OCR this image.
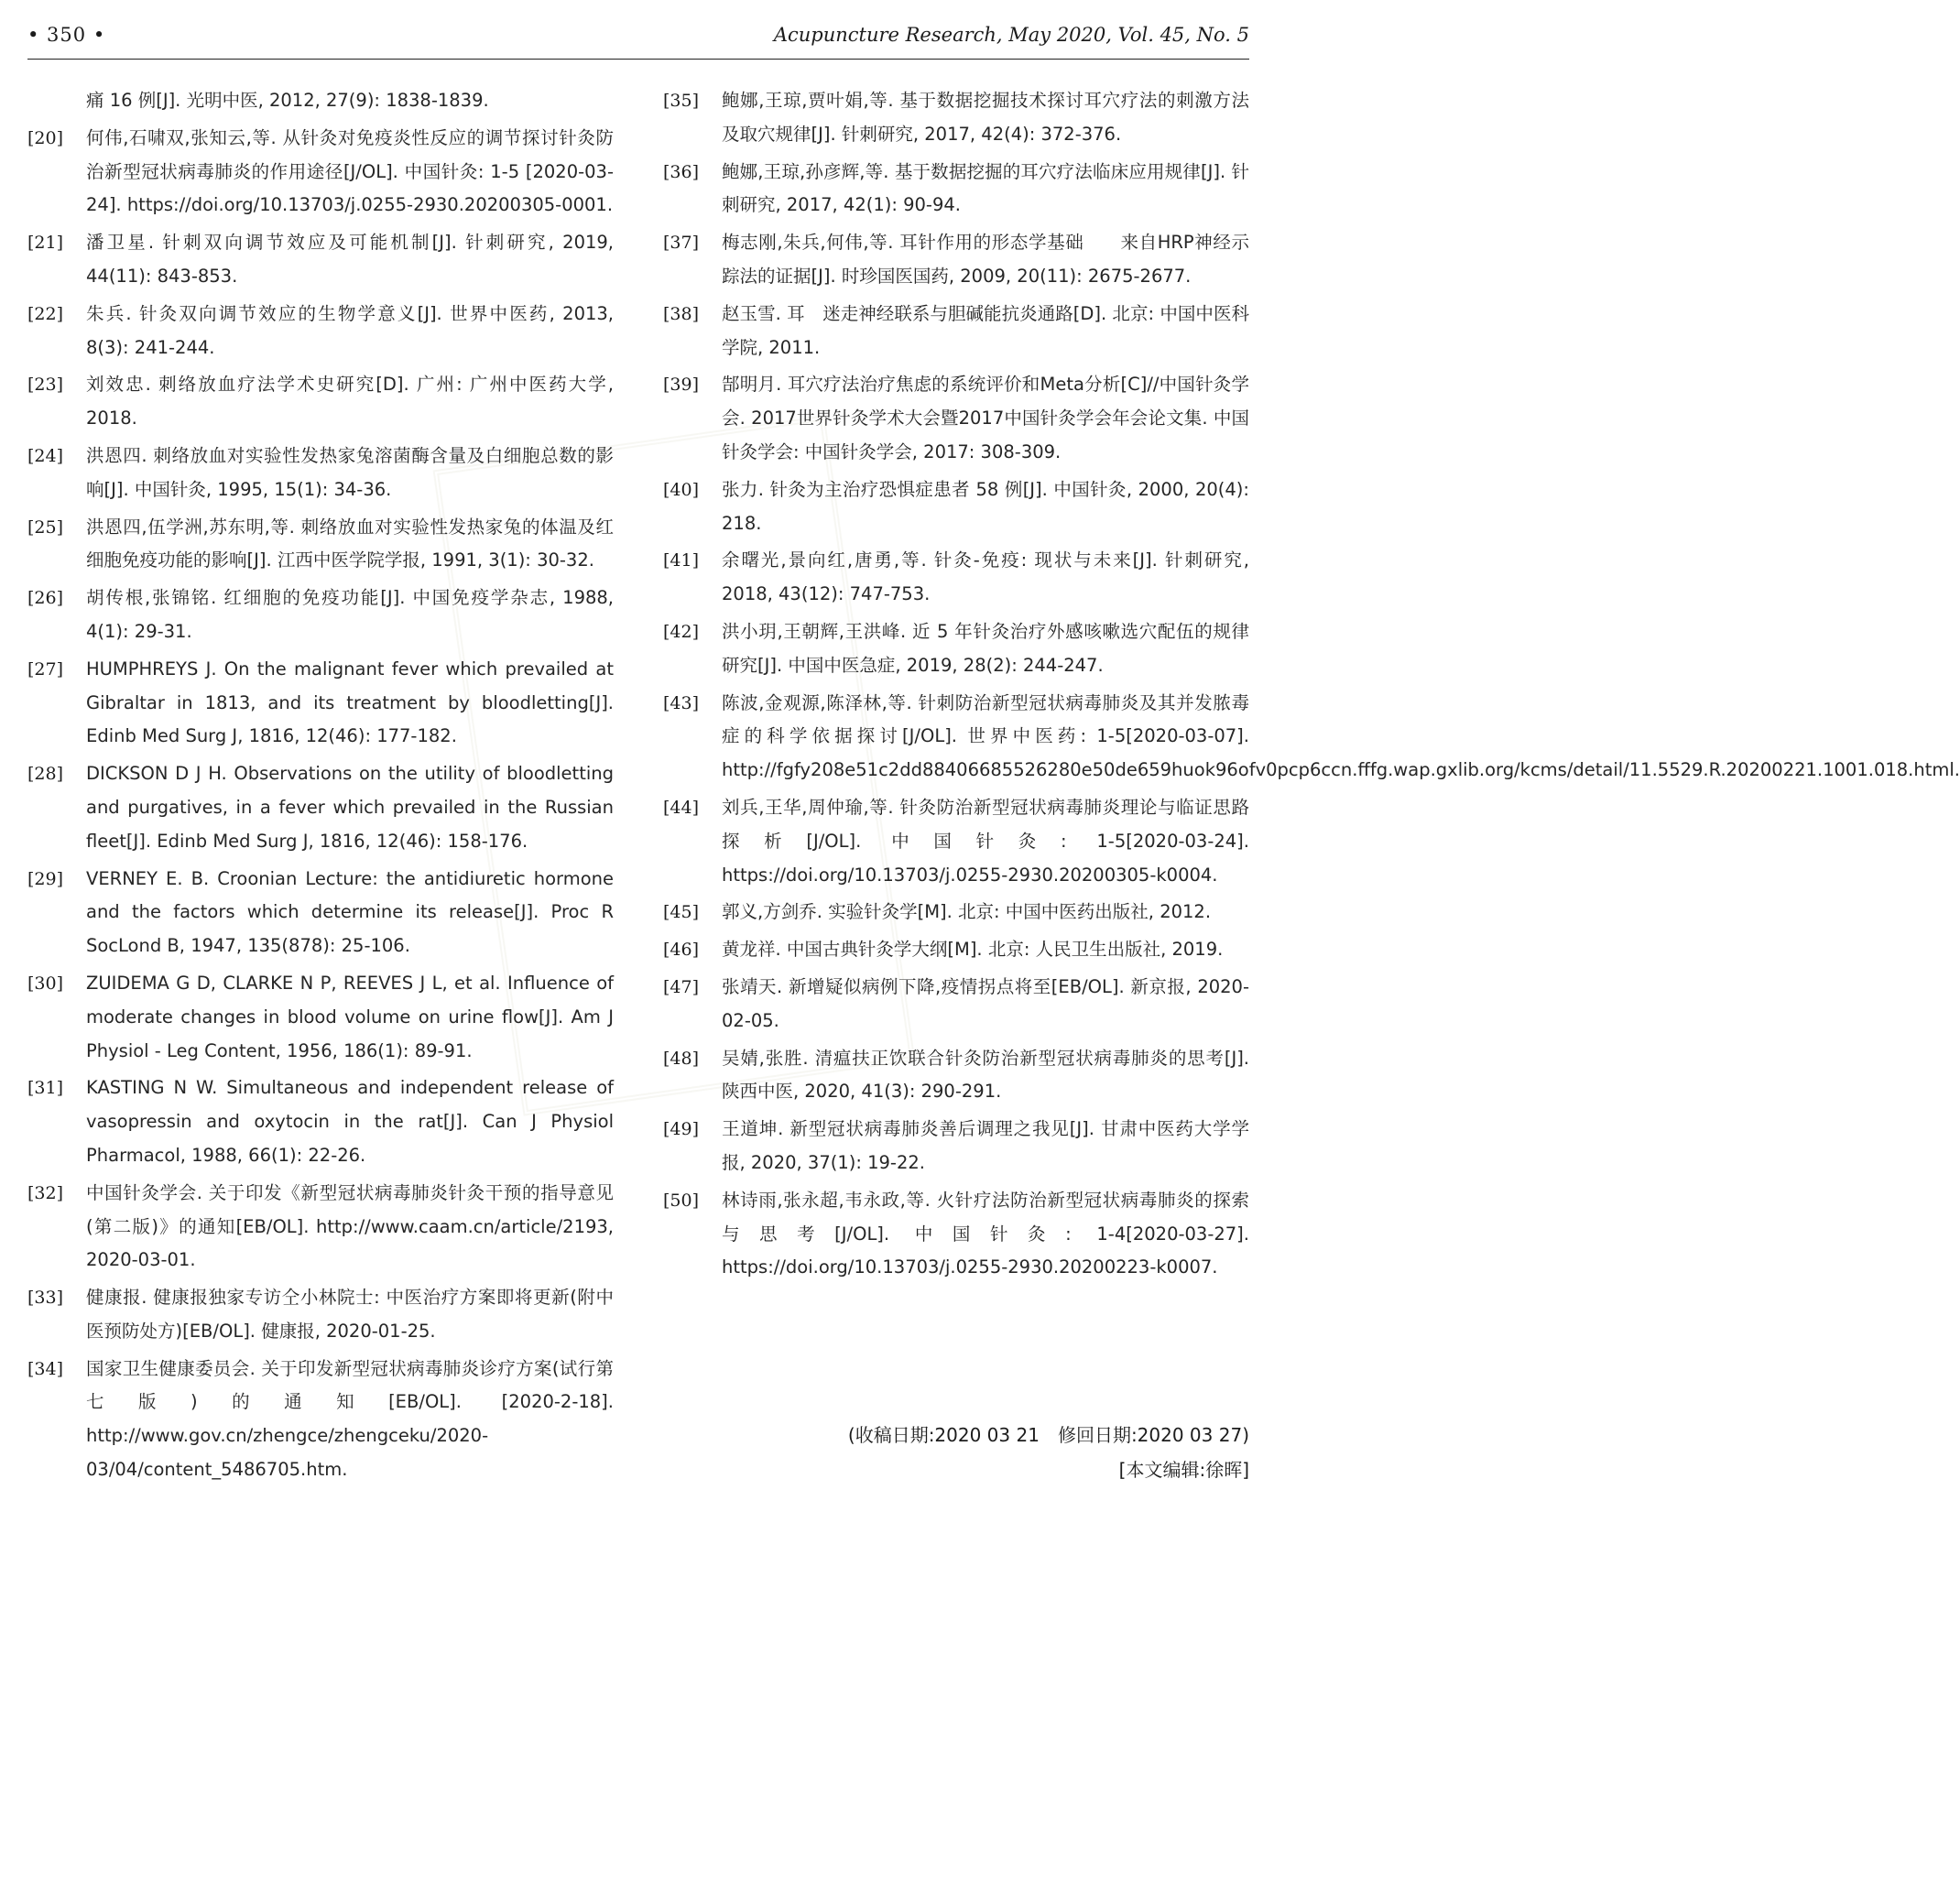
• 350 •	Acupuncture Research, May 2020, Vol. 45, No. 5
痛 16 例[J]. 光明中医, 2012, 27(9): 1838-1839.
[20] 何伟,石啸双,张知云,等. 从针灸对免疫炎性反应的调节探讨针灸防治新型冠状病毒肺炎的作用途径[J/OL]. 中国针灸: 1-5 [2020-03-24]. https://doi.org/10.13703/j.0255-2930.20200305-0001.
[21] 潘卫星. 针刺双向调节效应及可能机制[J]. 针刺研究, 2019, 44(11): 843-853.
[22] 朱兵. 针灸双向调节效应的生物学意义[J]. 世界中医药, 2013, 8(3): 241-244.
[23] 刘效忠. 刺络放血疗法学术史研究[D]. 广州: 广州中医药大学, 2018.
[24] 洪恩四. 刺络放血对实验性发热家兔溶菌酶含量及白细胞总数的影响[J]. 中国针灸, 1995, 15(1): 34-36.
[25] 洪恩四,伍学洲,苏东明,等. 刺络放血对实验性发热家兔的体温及红细胞免疫功能的影响[J]. 江西中医学院学报, 1991, 3(1): 30-32.
[26] 胡传根,张锦铭. 红细胞的免疫功能[J]. 中国免疫学杂志, 1988, 4(1): 29-31.
[27] HUMPHREYS J. On the malignant fever which prevailed at Gibraltar in 1813, and its treatment by bloodletting[J]. Edinb Med Surg J, 1816, 12(46): 177-182.
[28] DICKSON D J H. Observations on the utility of bloodletting and purgatives, in a fever which prevailed in the Russian fleet[J]. Edinb Med Surg J, 1816, 12(46): 158-176.
[29] VERNEY E. B. Croonian Lecture: the antidiuretic hormone and the factors which determine its release[J]. Proc R SocLond B, 1947, 135(878): 25-106.
[30] ZUIDEMA G D, CLARKE N P, REEVES J L, et al. Influence of moderate changes in blood volume on urine flow[J]. Am J Physiol - Leg Content, 1956, 186(1): 89-91.
[31] KASTING N W. Simultaneous and independent release of vasopressin and oxytocin in the rat[J]. Can J Physiol Pharmacol, 1988, 66(1): 22-26.
[32] 中国针灸学会. 关于印发《新型冠状病毒肺炎针灸干预的指导意见(第二版)》的通知[EB/OL]. http://www.caam.cn/article/2193, 2020-03-01.
[33] 健康报. 健康报独家专访仝小林院士: 中医治疗方案即将更新(附中医预防处方)[EB/OL]. 健康报, 2020-01-25.
[34] 国家卫生健康委员会. 关于印发新型冠状病毒肺炎诊疗方案(试行第七版)的通知[EB/OL]. [2020-2-18]. http://www.gov.cn/zhengce/zhengceku/2020-03/04/content_5486705.htm.
[35] 鲍娜,王琼,贾叶娟,等. 基于数据挖掘技术探讨耳穴疗法的刺激方法及取穴规律[J]. 针刺研究, 2017, 42(4): 372-376.
[36] 鲍娜,王琼,孙彦辉,等. 基于数据挖掘的耳穴疗法临床应用规律[J]. 针刺研究, 2017, 42(1): 90-94.
[37] 梅志刚,朱兵,何伟,等. 耳针作用的形态学基础　　来自HRP神经示踪法的证据[J]. 时珍国医国药, 2009, 20(11): 2675-2677.
[38] 赵玉雪. 耳　迷走神经联系与胆碱能抗炎通路[D]. 北京: 中国中医科学院, 2011.
[39] 郜明月. 耳穴疗法治疗焦虑的系统评价和Meta分析[C]//中国针灸学会. 2017世界针灸学术大会暨2017中国针灸学会年会论文集. 中国针灸学会: 中国针灸学会, 2017: 308-309.
[40] 张力. 针灸为主治疗恐惧症患者 58 例[J]. 中国针灸, 2000, 20(4): 218.
[41] 余曙光,景向红,唐勇,等. 针灸-免疫: 现状与未来[J]. 针刺研究, 2018, 43(12): 747-753.
[42] 洪小玥,王朝辉,王洪峰. 近 5 年针灸治疗外感咳嗽选穴配伍的规律研究[J]. 中国中医急症, 2019, 28(2): 244-247.
[43] 陈波,金观源,陈泽林,等. 针刺防治新型冠状病毒肺炎及其并发脓毒症的科学依据探讨[J/OL]. 世界中医药: 1-5[2020-03-07]. http://fgfy208e51c2dd88406685526280e50de659huok96ofv0pcp6ccn.fffg.wap.gxlib.org/kcms/detail/11.5529.R.20200221.1001.018.html.
[44] 刘兵,王华,周仲瑜,等. 针灸防治新型冠状病毒肺炎理论与临证思路探析[J/OL]. 中国针灸: 1-5[2020-03-24]. https://doi.org/10.13703/j.0255-2930.20200305-k0004.
[45] 郭义,方剑乔. 实验针灸学[M]. 北京: 中国中医药出版社, 2012.
[46] 黄龙祥. 中国古典针灸学大纲[M]. 北京: 人民卫生出版社, 2019.
[47] 张靖天. 新增疑似病例下降,疫情拐点将至[EB/OL]. 新京报, 2020-02-05.
[48] 吴婧,张胜. 清瘟扶正饮联合针灸防治新型冠状病毒肺炎的思考[J]. 陕西中医, 2020, 41(3): 290-291.
[49] 王道坤. 新型冠状病毒肺炎善后调理之我见[J]. 甘肃中医药大学学报, 2020, 37(1): 19-22.
[50] 林诗雨,张永超,韦永政,等. 火针疗法防治新型冠状病毒肺炎的探索与思考[J/OL]. 中国针灸: 1-4[2020-03-27]. https://doi.org/10.13703/j.0255-2930.20200223-k0007.
(收稿日期:2020 03 21　修回日期:2020 03 27)
[本文编辑:徐晖]
